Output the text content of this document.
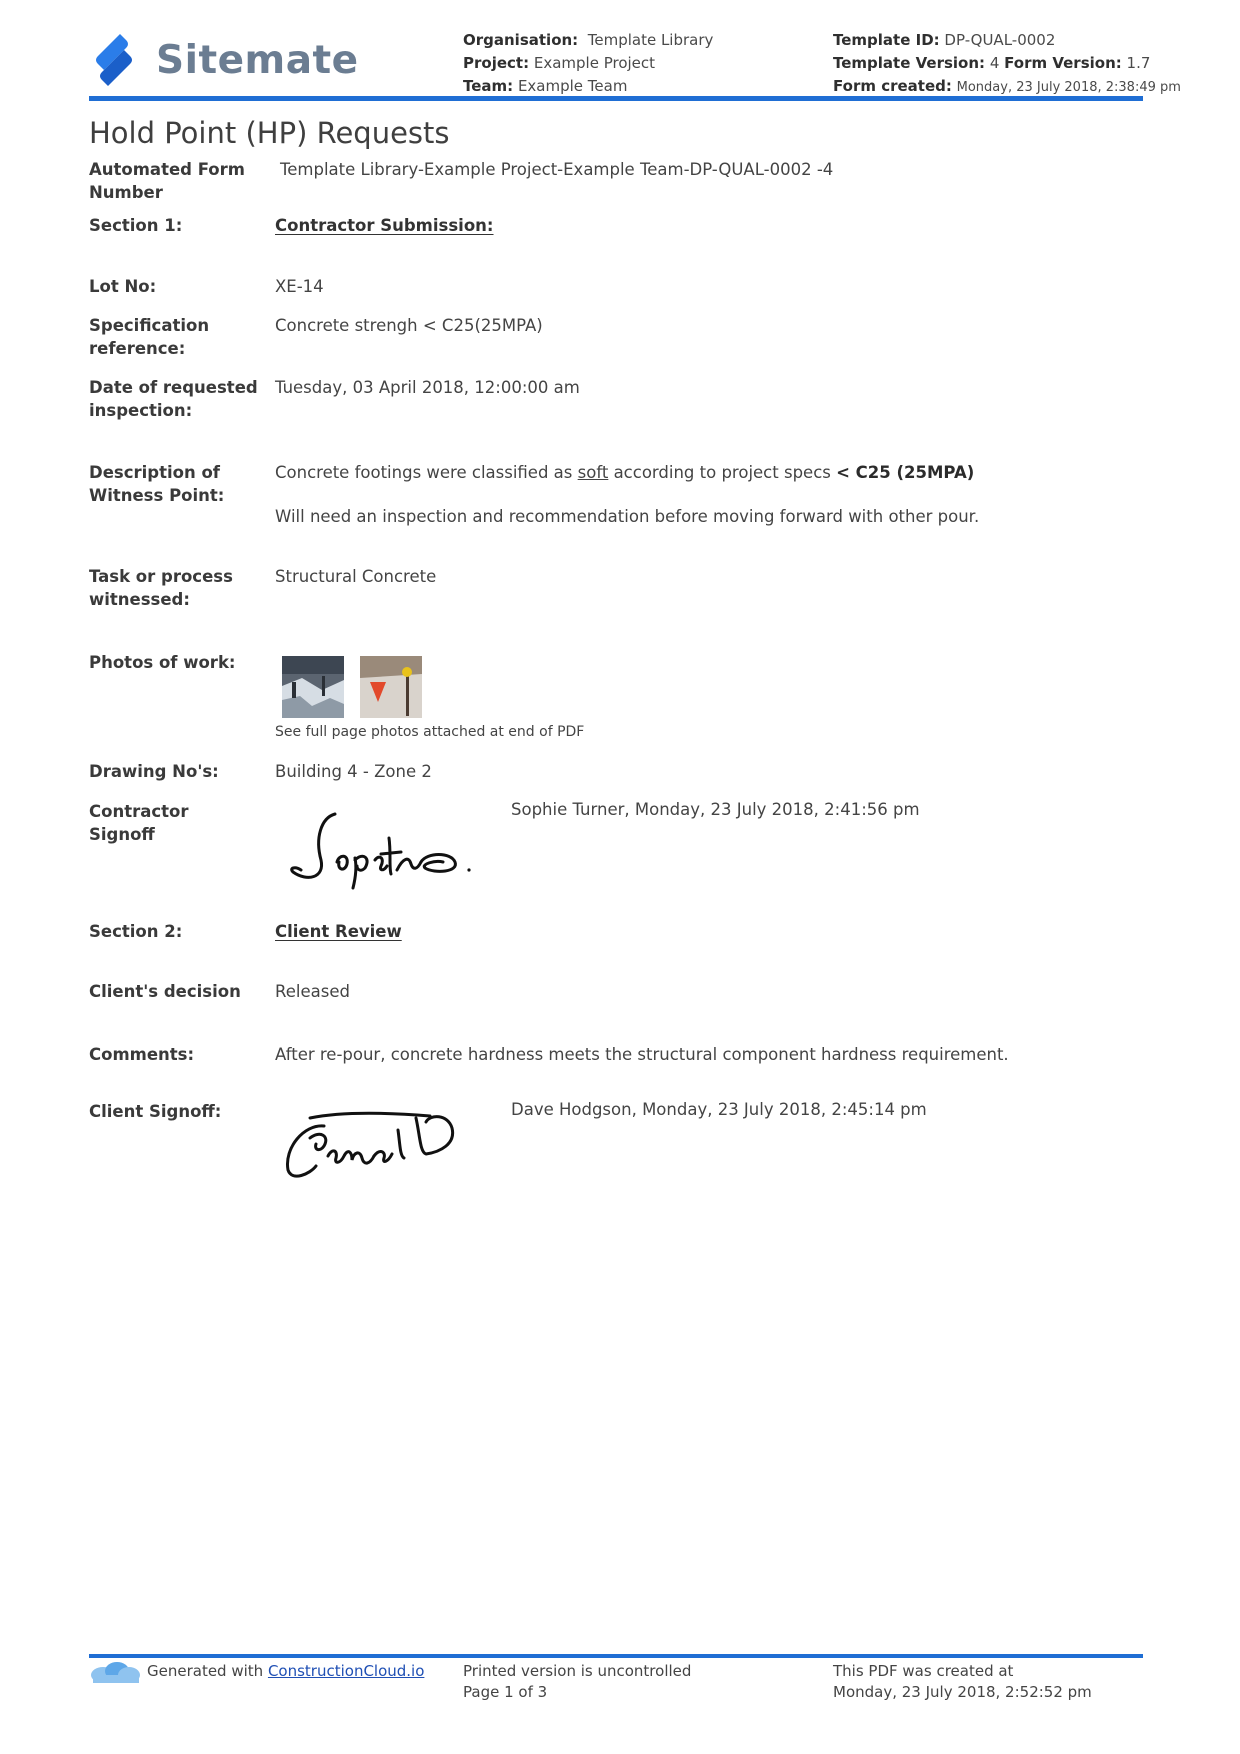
Sitemate	Organisation: Template Library
Project: Example Project
Team: Example Team
Template ID: DP-QUAL-0002
Template Version: 4 Form Version: 1.7
Form created: Monday, 23 July 2018, 2:38:49 pm
Hold Point (HP) Requests
Automated Form Number
Template Library-Example Project-Example Team-DP-QUAL-0002 -4
Section 1:	Contractor Submission:
Lot No:	XE-14
Specification reference:
Concrete strengh < C25(25MPA)
Date of requested inspection:
Tuesday, 03 April 2018, 12:00:00 am
Description of Witness Point:
Concrete footings were classified as soft according to project specs < C25 (25MPA)
Will need an inspection and recommendation before moving forward with other pour.
Task or process witnessed:
Structural Concrete
Photos of work:
See full page photos attached at end of PDF
Drawing No's:	Building 4 - Zone 2
Contractor Signoff
Sophie Turner, Monday, 23 July 2018, 2:41:56 pm
Section 2:	Client Review
Client's decision	Released
Comments:	After re-pour, concrete hardness meets the structural component hardness requirement.
Client Signoff:	Dave Hodgson, Monday, 23 July 2018, 2:45:14 pm
Generated with ConstructionCloud.io	Printed version is uncontrolled
Page 1 of 3
This PDF was created at
Monday, 23 July 2018, 2:52:52 pm
